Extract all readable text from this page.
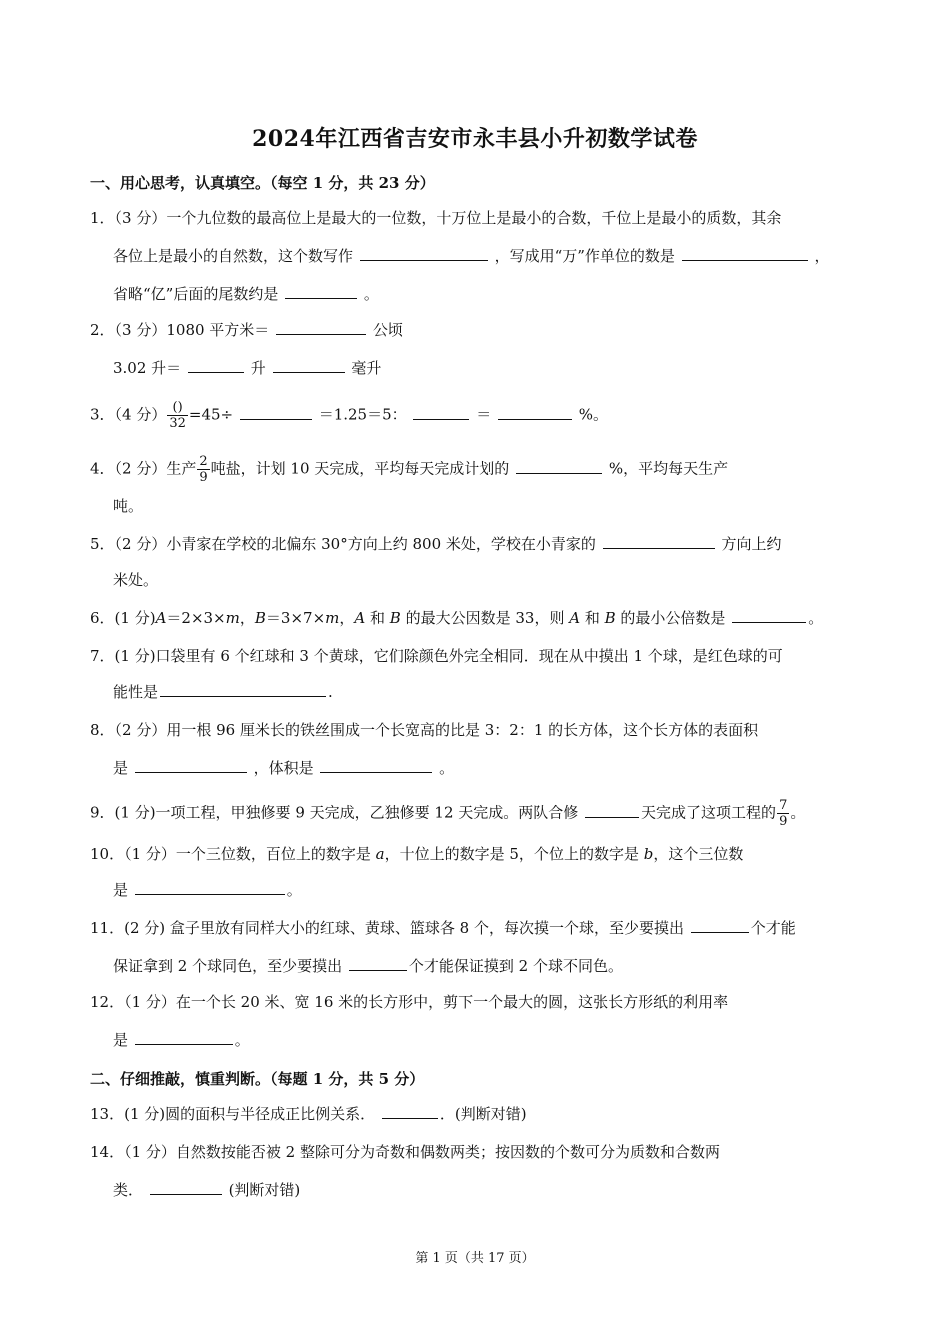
2024年江西省吉安市永丰县小升初数学试卷
一、用心思考，认真填空。（每空 1 分，共 23 分）
1．（3 分）一个九位数的最高位上是最大的一位数，十万位上是最小的合数，千位上是最小的质数，其余
各位上是最小的自然数，这个数写作	，写成用“万”作单位的数是	，
省略“亿”后面的尾数约是	。
2．（3 分）1080 平方米＝	公顷
3.02 升＝	升	毫升
3．（4 分） $\frac{()}{32} =45\div$	＝1.25＝5：	＝	%。
4．（2 分）生产 $\frac{2}{9}$ 吨盐，计划 10 天完成，平均每天完成计划的	%，平均每天生产
吨。
5．（2 分）小青家在学校的北偏东 30°方向上约 800 米处，学校在小青家的	方向上约
米处。
6．(1 分)A＝2×3×m，B＝3×7×m，A 和 B 的最大公因数是 33，则 A 和 B 的最小公倍数是	。
7．(1 分)口袋里有 6 个红球和 3 个黄球，它们除颜色外完全相同．现在从中摸出 1 个球，是红色球的可
能性是	.
8．（2 分）用一根 96 厘米长的铁丝围成一个长宽高的比是 3：2：1 的长方体，这个长方体的表面积
是	，体积是	。
9．(1 分)一项工程，甲独修要 9 天完成，乙独修要 12 天完成。两队合修	天完成了这项工程的 $\frac{7}{9}$ 。
10．（1 分）一个三位数，百位上的数字是 a，十位上的数字是 5，个位上的数字是 b，这个三位数
是	。
11．(2 分) 盒子里放有同样大小的红球、黄球、篮球各 8 个，每次摸一个球，至少要摸出	个才能
保证拿到 2 个球同色，至少要摸出	个才能保证摸到 2 个球不同色。
12．（1 分）在一个长 20 米、宽 16 米的长方形中，剪下一个最大的圆，这张长方形纸的利用率
是	。
二、仔细推敲，慎重判断。（每题 1 分，共 5 分）
13．(1 分)圆的面积与半径成正比例关系．	．(判断对错)
14．（1 分）自然数按能否被 2 整除可分为奇数和偶数两类；按因数的个数可分为质数和合数两
类．	(判断对错)
第 1 页（共 17 页）
